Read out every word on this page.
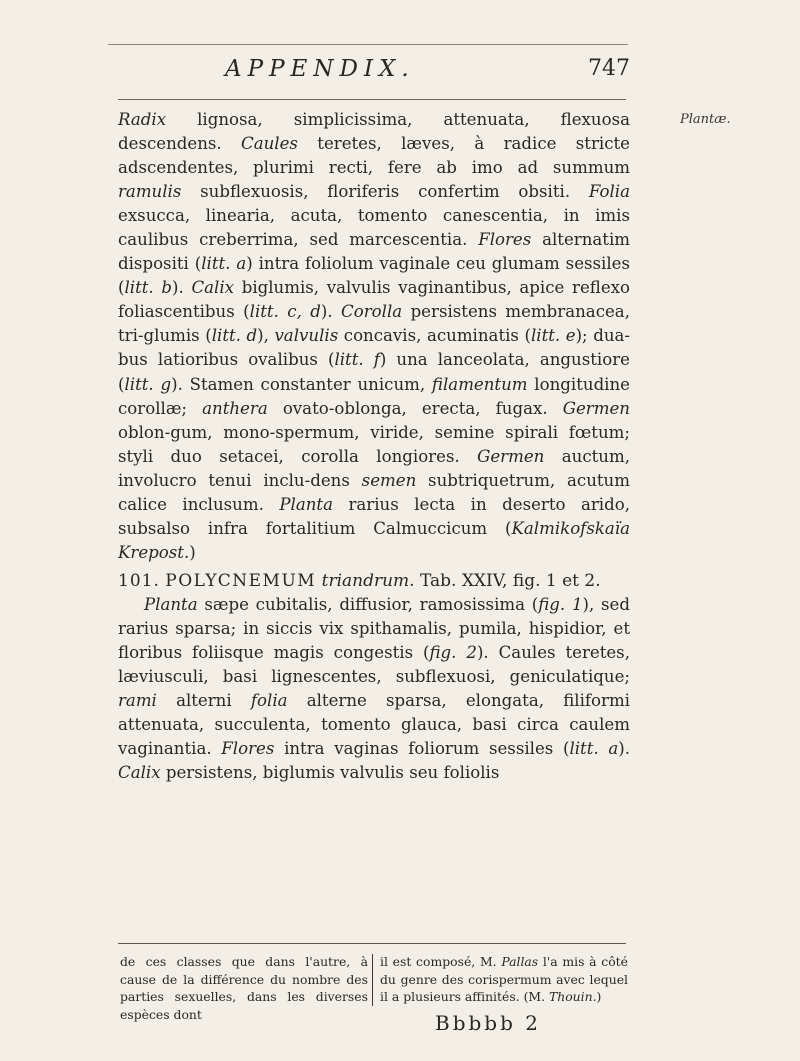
APPENDIX.	747
Plantæ.

Radix lignosa, simplicissima, attenuata, flexuosa descendens. Caules teretes, læves, à radice stricte adscendentes, plurimi recti, fere ab imo ad summum ramulis subflexuosis, floriferis confertim obsiti. Folia exsucca, linearia, acuta, tomento canescentia, in imis caulibus creberrima, sed marcescentia. Flores alternatim dispositi (litt. a) intra foliolum vaginale ceu glumam sessiles (litt. b). Calix biglumis, valvulis vaginantibus, apice reflexo foliascentibus (litt. c, d). Corolla persistens membranacea, tri-glumis (litt. d), valvulis concavis, acuminatis (litt. e); dua-bus latioribus ovalibus (litt. f) una lanceolata, angustiore (litt. g). Stamen constanter unicum, filamentum longitudine corollæ; anthera ovato-oblonga, erecta, fugax. Germen oblon-gum, mono-spermum, viride, semine spirali fœtum; styli duo setacei, corolla longiores. Germen auctum, involucro tenui inclu-dens semen subtriquetrum, acutum calice inclusum. Planta rarius lecta in deserto arido, subsalso infra fortalitium Calmuccicum (Kalmikofskaïa Krepost.)

101. POLYCNEMUM triandrum. Tab. XXIV, fig. 1 et 2.

Planta sæpe cubitalis, diffusior, ramosissima (fig. 1), sed rarius sparsa; in siccis vix spithamalis, pumila, hispidior, et floribus foliisque magis congestis (fig. 2). Caules teretes, læviusculi, basi lignescentes, subflexuosi, geniculatique; rami alterni folia alterne sparsa, elongata, filiformi attenuata, succulenta, tomento glauca, basi circa caulem vaginantia. Flores intra vaginas foliorum sessiles (litt. a). Calix persistens, biglumis valvulis seu foliolis

de ces classes que dans l'autre, à cause de la différence du nombre des parties sexuelles, dans les diverses espèces dont
il est composé, M. Pallas l'a mis à côté du genre des corispermum avec lequel il a plusieurs affinités. (M. Thouin.)
Bbbbb 2
